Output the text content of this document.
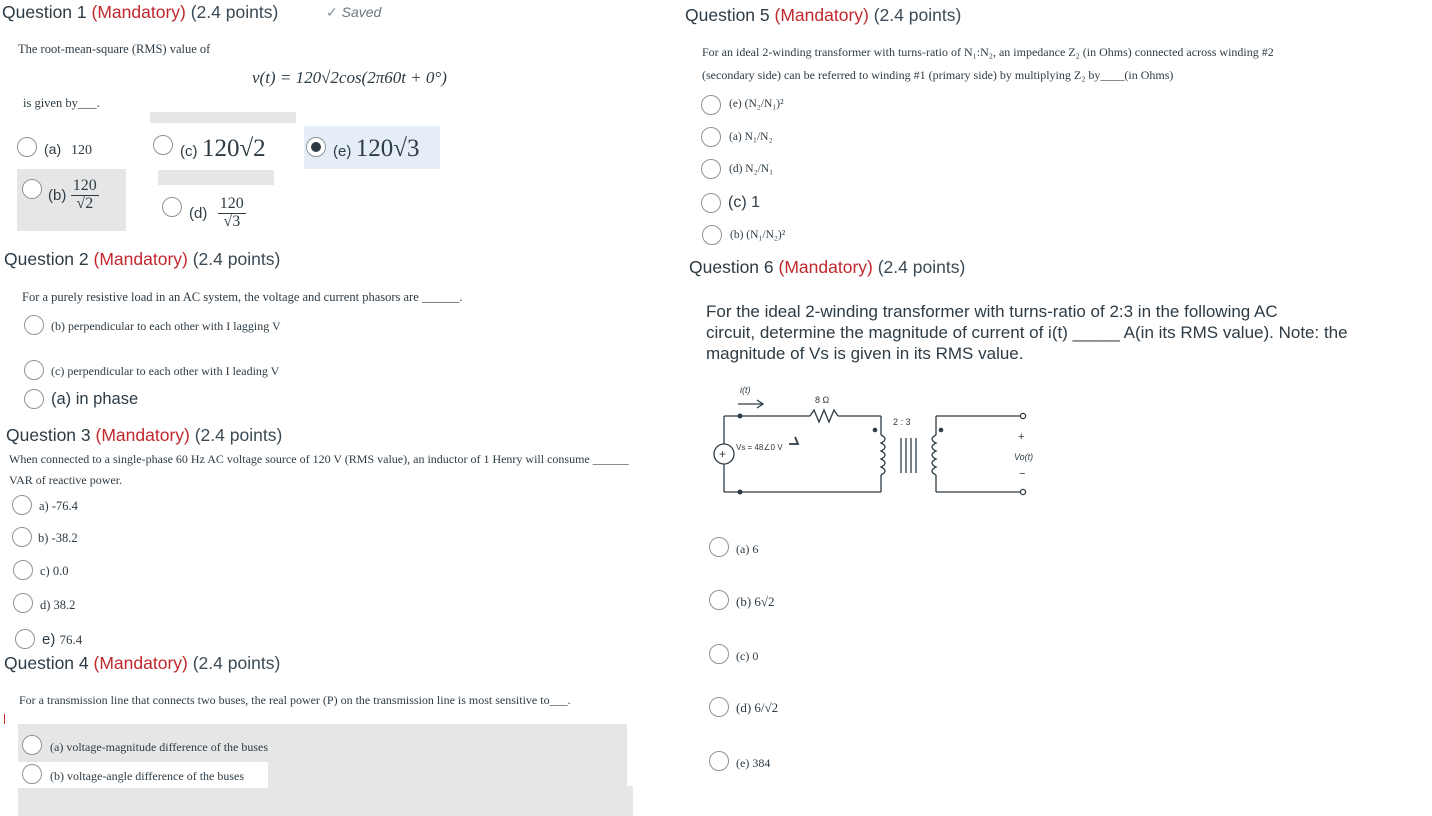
Question 1 (Mandatory) (2.4 points)	✓ Saved
The root-mean-square (RMS) value of
v(t) = 120√2cos(2π60t + 0°)
is given by___.
(a) 120	(c) 120√2	(e) 120√3
$(b) \frac{120}{√2}$
$(d) \frac{120}{√3}$
Question 2 (Mandatory) (2.4 points)
For a purely resistive load in an AC system, the voltage and current phasors are ______.
(b) perpendicular to each other with I lagging V
(c) perpendicular to each other with I leading V
(a) in phase
Question 3 (Mandatory) (2.4 points)
When connected to a single-phase 60 Hz AC voltage source of 120 V (RMS value), an inductor of 1 Henry will consume ______
VAR of reactive power.
a) -76.4
b) -38.2
c) 0.0
d) 38.2
e) 76.4
Question 4 (Mandatory) (2.4 points)
For a transmission line that connects two buses, the real power (P) on the transmission line is most sensitive to___.
(a) voltage-magnitude difference of the buses
(b) voltage-angle difference of the buses
Question 5 (Mandatory) (2.4 points)
For an ideal 2-winding transformer with turns-ratio of N₁:N₂, an impedance Z₂ (in Ohms) connected across winding #2
(secondary side) can be referred to winding #1 (primary side) by multiplying Z₂ by____(in Ohms)
(e) (N₂/N₁)²
(a) N₁/N₂
(d) N₂/N₁
(c) 1
(b) (N₁/N₂)²
Question 6 (Mandatory) (2.4 points)
For the ideal 2-winding transformer with turns-ratio of 2:3 in the following AC
circuit, determine the magnitude of current of i(t) _____ A(in its RMS value). Note: the
magnitude of Vs is given in its RMS value.
+
i(t)
8 Ω
2 : 3
Vs = 48∠0 V
+
Vo(t)
−
(a) 6
(b) 6√2
(c) 0
(d) 6/√2
(e) 384
